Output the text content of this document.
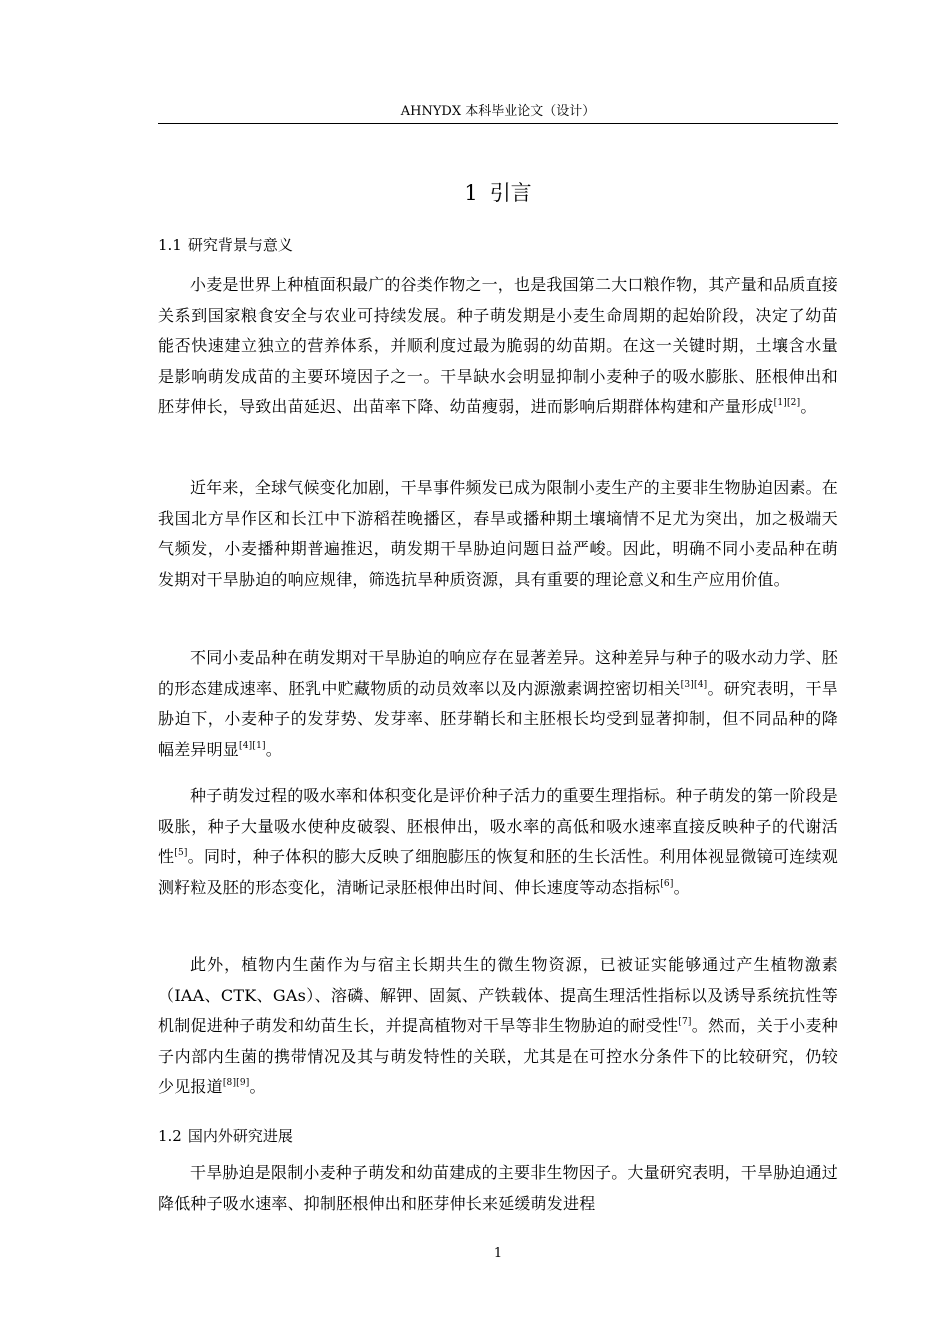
AHNYDX 本科毕业论文（设计）
1 引言
1.1 研究背景与意义

小麦是世界上种植面积最广的谷类作物之一，也是我国第二大口粮作物，其产量和品质直接关系到国家粮食安全与农业可持续发展。种子萌发期是小麦生命周期的起始阶段，决定了幼苗能否快速建立独立的营养体系，并顺利度过最为脆弱的幼苗期。在这一关键时期，土壤含水量是影响萌发成苗的主要环境因子之一。干旱缺水会明显抑制小麦种子的吸水膨胀、胚根伸出和胚芽伸长，导致出苗延迟、出苗率下降、幼苗瘦弱，进而影响后期群体构建和产量形成[1][2]。

近年来，全球气候变化加剧，干旱事件频发已成为限制小麦生产的主要非生物胁迫因素。在我国北方旱作区和长江中下游稻茬晚播区，春旱或播种期土壤墒情不足尤为突出，加之极端天气频发，小麦播种期普遍推迟，萌发期干旱胁迫问题日益严峻。因此，明确不同小麦品种在萌发期对干旱胁迫的响应规律，筛选抗旱种质资源，具有重要的理论意义和生产应用价值。

不同小麦品种在萌发期对干旱胁迫的响应存在显著差异。这种差异与种子的吸水动力学、胚的形态建成速率、胚乳中贮藏物质的动员效率以及内源激素调控密切相关[3][4]。研究表明，干旱胁迫下，小麦种子的发芽势、发芽率、胚芽鞘长和主胚根长均受到显著抑制，但不同品种的降幅差异明显[4][1]。

种子萌发过程的吸水率和体积变化是评价种子活力的重要生理指标。种子萌发的第一阶段是吸胀，种子大量吸水使种皮破裂、胚根伸出，吸水率的高低和吸水速率直接反映种子的代谢活性[5]。同时，种子体积的膨大反映了细胞膨压的恢复和胚的生长活性。利用体视显微镜可连续观测籽粒及胚的形态变化，清晰记录胚根伸出时间、伸长速度等动态指标[6]。

此外，植物内生菌作为与宿主长期共生的微生物资源，已被证实能够通过产生植物激素（IAA、CTK、GAs）、溶磷、解钾、固氮、产铁载体、提高生理活性指标以及诱导系统抗性等机制促进种子萌发和幼苗生长，并提高植物对干旱等非生物胁迫的耐受性[7]。然而，关于小麦种子内部内生菌的携带情况及其与萌发特性的关联，尤其是在可控水分条件下的比较研究，仍较少见报道[8][9]。

1.2 国内外研究进展

干旱胁迫是限制小麦种子萌发和幼苗建成的主要非生物因子。大量研究表明，干旱胁迫通过降低种子吸水速率、抑制胚根伸出和胚芽伸长来延缓萌发进程

1
